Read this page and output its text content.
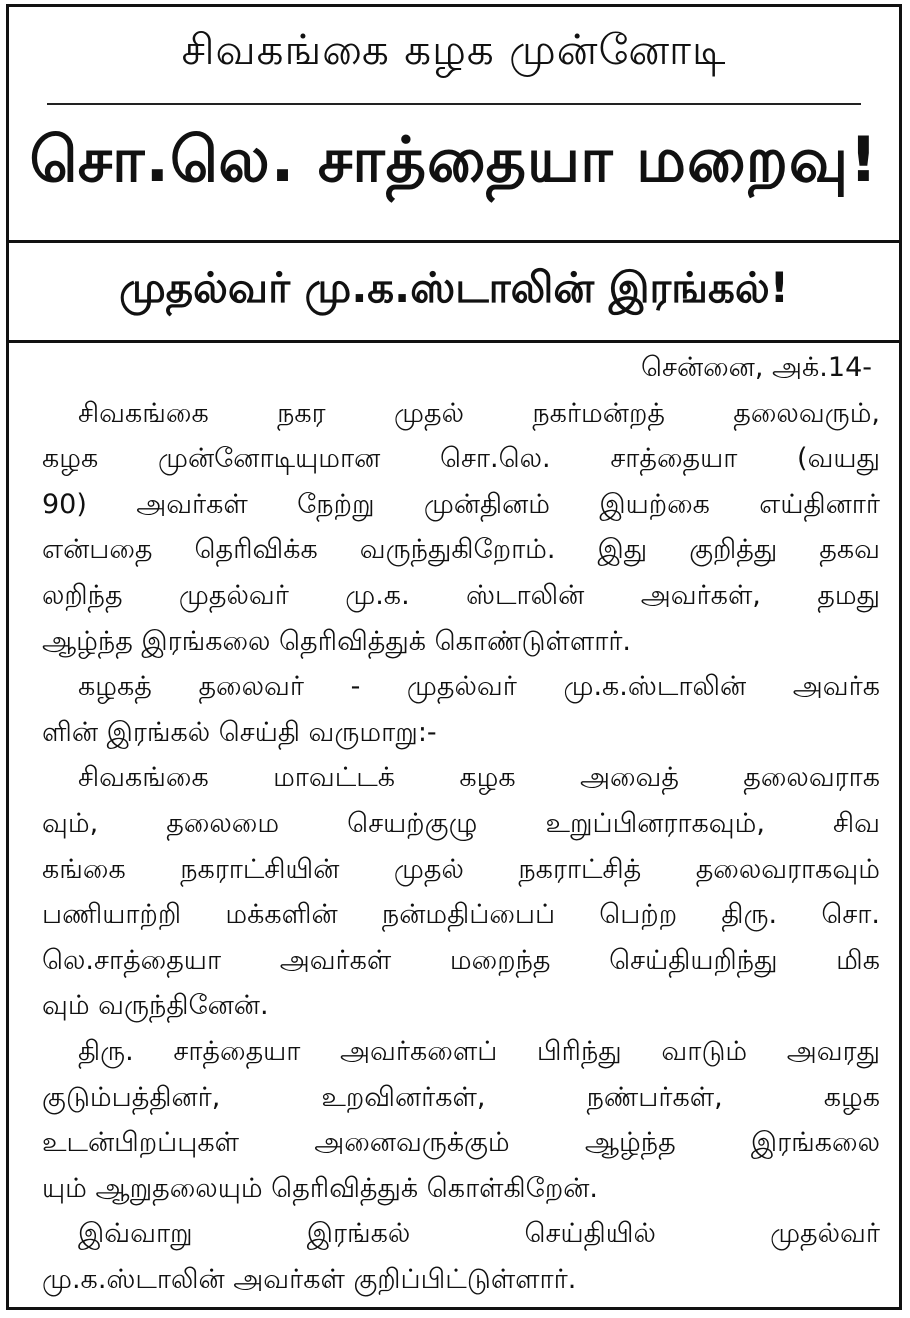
சிவகங்கை கழக முன்னோடி
சொ.லெ. சாத்தையா மறைவு!
முதல்வர் மு.க.ஸ்டாலின் இரங்கல்!
சென்னை, அக்.14-
சிவகங்கை நகர முதல் நகர்மன்றத் தலைவரும்,
கழக முன்னோடியுமான சொ.லெ. சாத்தையா (வயது
90) அவர்கள் நேற்று முன்தினம் இயற்கை எய்தினார்
என்பதை தெரிவிக்க வருந்துகிறோம். இது குறித்து தகவ
லறிந்த முதல்வர் மு.க. ஸ்டாலின் அவர்கள், தமது
ஆழ்ந்த இரங்கலை தெரிவித்துக் கொண்டுள்ளார்.
கழகத் தலைவர் - முதல்வர் மு.க.ஸ்டாலின் அவர்க
ளின் இரங்கல் செய்தி வருமாறு:-
சிவகங்கை மாவட்டக் கழக அவைத் தலைவராக
வும், தலைமை செயற்குழு உறுப்பினராகவும், சிவ
கங்கை நகராட்சியின் முதல் நகராட்சித் தலைவராகவும்
பணியாற்றி மக்களின் நன்மதிப்பைப் பெற்ற திரு. சொ.
லெ.சாத்தையா அவர்கள் மறைந்த செய்தியறிந்து மிக
வும் வருந்தினேன்.
திரு. சாத்தையா அவர்களைப் பிரிந்து வாடும் அவரது
குடும்பத்தினர், உறவினர்கள், நண்பர்கள், கழக
உடன்பிறப்புகள் அனைவருக்கும் ஆழ்ந்த இரங்கலை
யும் ஆறுதலையும் தெரிவித்துக் கொள்கிறேன்.
இவ்வாறு இரங்கல் செய்தியில் முதல்வர்
மு.க.ஸ்டாலின் அவர்கள் குறிப்பிட்டுள்ளார்.
